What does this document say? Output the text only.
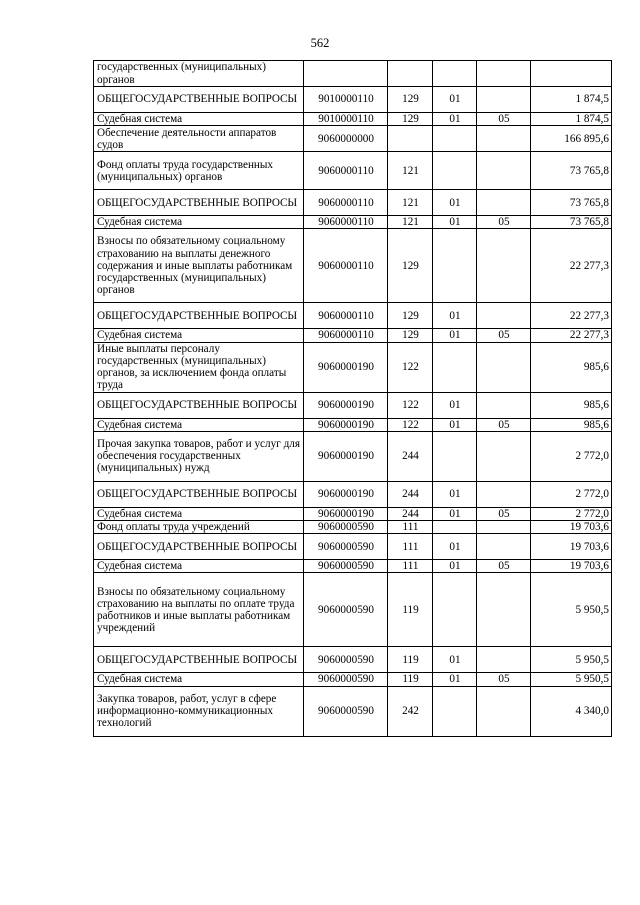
562
государственных (муниципальных) органов					
ОБЩЕГОСУДАРСТВЕННЫЕ ВОПРОСЫ	9010000110	129	01		1 874,5
Судебная система	9010000110	129	01	05	1 874,5
Обеспечение деятельности аппаратов судов	9060000000				166 895,6
Фонд оплаты труда государственных (муниципальных) органов	9060000110	121			73 765,8
ОБЩЕГОСУДАРСТВЕННЫЕ ВОПРОСЫ	9060000110	121	01		73 765,8
Судебная система	9060000110	121	01	05	73 765,8
Взносы по обязательному социальному страхованию на выплаты денежного содержания и иные выплаты работникам государственных (муниципальных) органов	9060000110	129			22 277,3
ОБЩЕГОСУДАРСТВЕННЫЕ ВОПРОСЫ	9060000110	129	01		22 277,3
Судебная система	9060000110	129	01	05	22 277,3
Иные выплаты персоналу государственных (муниципальных) органов, за исключением фонда оплаты труда	9060000190	122			985,6
ОБЩЕГОСУДАРСТВЕННЫЕ ВОПРОСЫ	9060000190	122	01		985,6
Судебная система	9060000190	122	01	05	985,6
Прочая закупка товаров, работ и услуг для обеспечения государственных (муниципальных) нужд	9060000190	244			2 772,0
ОБЩЕГОСУДАРСТВЕННЫЕ ВОПРОСЫ	9060000190	244	01		2 772,0
Судебная система	9060000190	244	01	05	2 772,0
Фонд оплаты труда учреждений	9060000590	111			19 703,6
ОБЩЕГОСУДАРСТВЕННЫЕ ВОПРОСЫ	9060000590	111	01		19 703,6
Судебная система	9060000590	111	01	05	19 703,6
Взносы по обязательному социальному страхованию на выплаты по оплате труда работников и иные выплаты работникам учреждений	9060000590	119			5 950,5
ОБЩЕГОСУДАРСТВЕННЫЕ ВОПРОСЫ	9060000590	119	01		5 950,5
Судебная система	9060000590	119	01	05	5 950,5
Закупка товаров, работ, услуг в сфере информационно-коммуникационных технологий	9060000590	242			4 340,0
